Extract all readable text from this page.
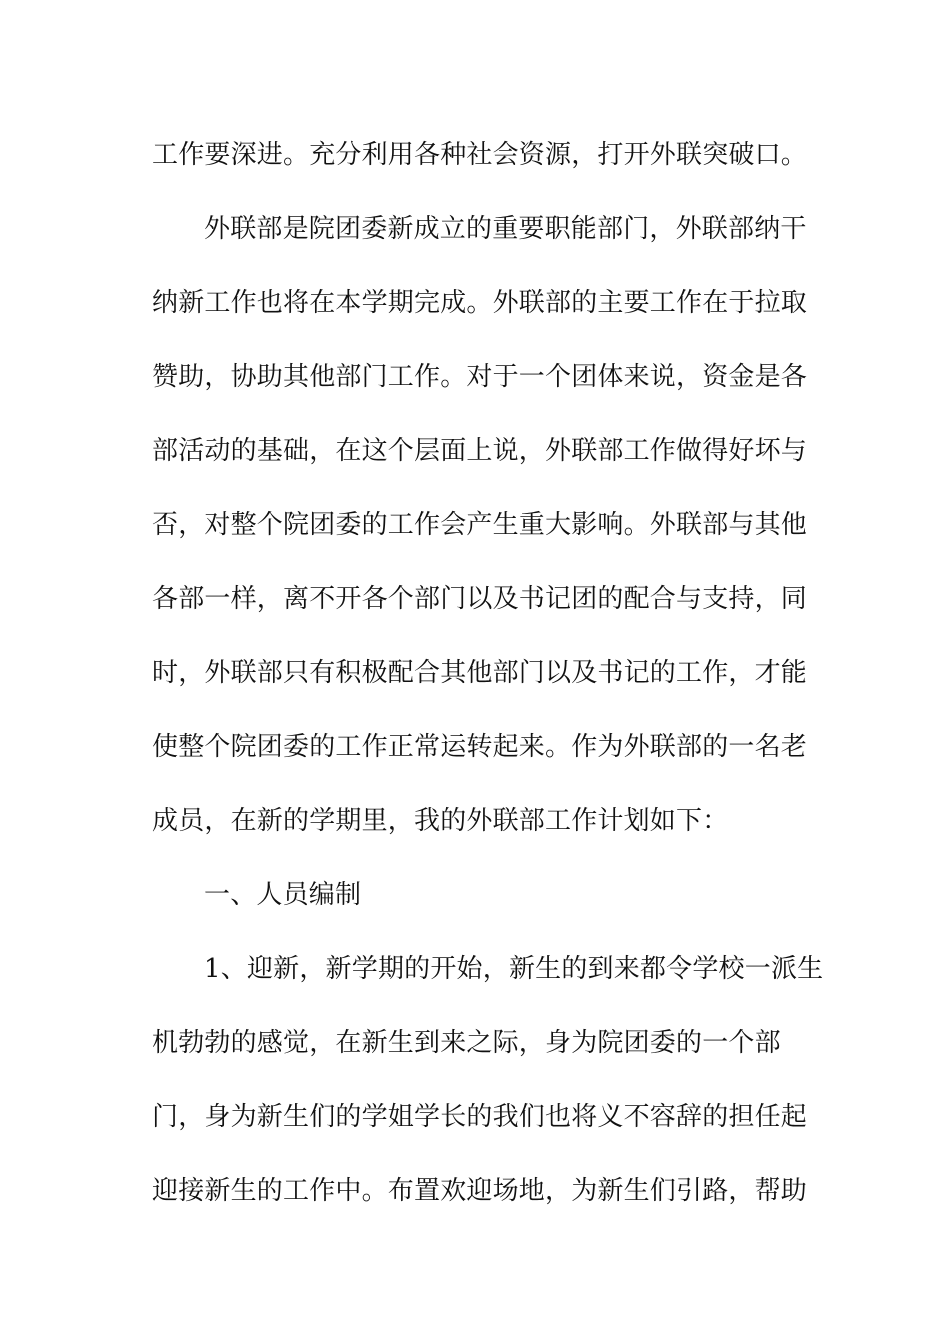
工作要深进。充分利用各种社会资源，打开外联突破口。
外联部是院团委新成立的重要职能部门，外联部纳干
纳新工作也将在本学期完成。外联部的主要工作在于拉取
赞助，协助其他部门工作。对于一个团体来说，资金是各
部活动的基础，在这个层面上说，外联部工作做得好坏与
否，对整个院团委的工作会产生重大影响。外联部与其他
各部一样，离不开各个部门以及书记团的配合与支持，同
时，外联部只有积极配合其他部门以及书记的工作，才能
使整个院团委的工作正常运转起来。作为外联部的一名老
成员，在新的学期里，我的外联部工作计划如下：
一、人员编制
1、迎新，新学期的开始，新生的到来都令学校一派生
机勃勃的感觉，在新生到来之际，身为院团委的一个部
门，身为新生们的学姐学长的我们也将义不容辞的担任起
迎接新生的工作中。布置欢迎场地，为新生们引路，帮助
